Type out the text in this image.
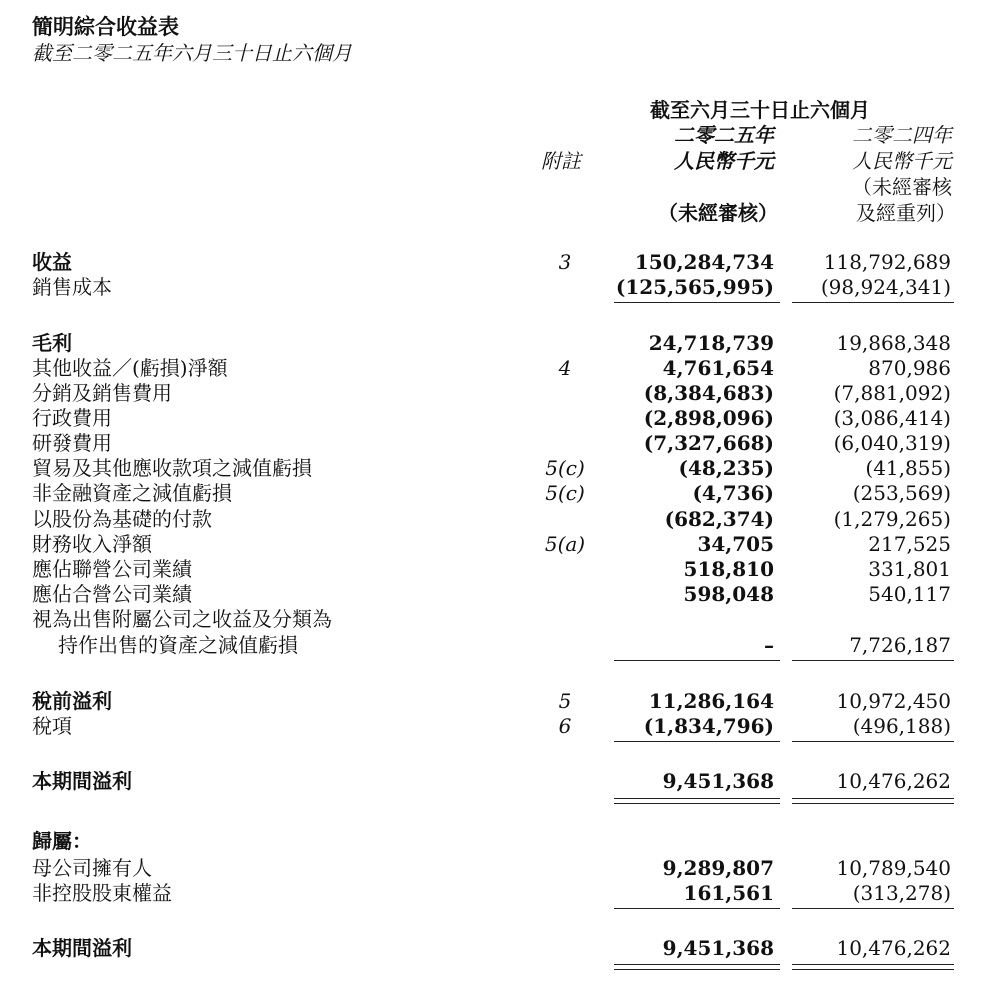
簡明綜合收益表
截至二零二五年六月三十日止六個月
截至六月三十日止六個月
附註
二零二五年
人民幣千元
（未經審核）
二零二四年
人民幣千元
（未經審核
及經重列）
收益	3	150,284,734 118,792,689
銷售成本	(125,565,995) (98,924,341)
毛利	24,718,739	19,868,348
其他收益／(虧損)淨額	4	4,761,654	870,986
分銷及銷售費用	(8,384,683)	(7,881,092)
行政費用	(2,898,096)	(3,086,414)
研發費用	(7,327,668)	(6,040,319)
貿易及其他應收款項之減值虧損	5(c)	(48,235)	(41,855)
非金融資產之減值虧損	5(c)	(4,736)	(253,569)
以股份為基礎的付款	(682,374)	(1,279,265)
財務收入淨額	5(a)	34,705	217,525
應佔聯營公司業績	518,810	331,801
應佔合營公司業績	598,048	540,117
視為出售附屬公司之收益及分類為
持作出售的資產之減值虧損	–	7,726,187
稅前溢利	5	11,286,164	10,972,450
稅項	6	(1,834,796)	(496,188)
本期間溢利	9,451,368	10,476,262
歸屬：
母公司擁有人	9,289,807	10,789,540
非控股股東權益	161,561	(313,278)
本期間溢利	9,451,368	10,476,262
